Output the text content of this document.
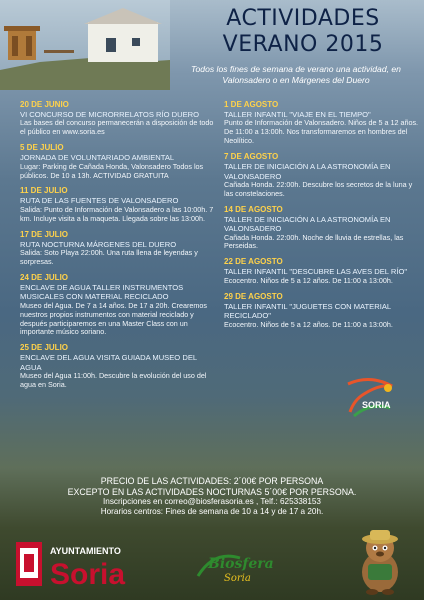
ACTIVIDADES
VERANO 2015
Todos los fines de semana de verano una actividad, en Valonsadero o en Márgenes del Duero
20 DE JUNIO
VI CONCURSO DE MICRORRELATOS RÍO DUERO
Las bases del concurso permanecerán a disposición de todo el público en www.soria.es
5 DE JULIO
JORNADA DE VOLUNTARIADO AMBIENTAL
Lugar: Parking de Cañada Honda, Valonsadero Todos los públicos. De 10 a 13h. ACTIVIDAD GRATUITA
11 DE JULIO
RUTA DE LAS FUENTES DE VALONSADERO
Salida: Punto de Información de Valonsadero a las 10:00h. 7 km. Incluye visita a la maqueta. Llegada sobre las 13:00h.
17 DE JULIO
RUTA NOCTURNA MÁRGENES DEL DUERO
Salida: Soto Playa 22:00h. Una ruta llena de leyendas y sorpresas.
24 DE JULIO
ENCLAVE DE AGUA TALLER INSTRUMENTOS MUSICALES CON MATERIAL RECICLADO
Museo del Agua. De 7 a 14 años. De 17 a 20h. Crearemos nuestros propios instrumentos con material reciclado y después participaremos en una Master Class con un importante músico soriano.
25 DE JULIO
ENCLAVE DEL AGUA VISITA GUIADA MUSEO DEL AGUA
Museo del Agua 11:00h. Descubre la evolución del uso del agua en Soria.
1 DE AGOSTO
TALLER INFANTIL "VIAJE EN EL TIEMPO"
Punto de Información de Valonsadero. Niños de 5 a 12 años. De 11:00 a 13:00h. Nos transformaremos en hombres del Neolítico.
7 DE AGOSTO
TALLER DE INICIACIÓN A LA ASTRONOMÍA EN VALONSADERO
Cañada Honda. 22:00h. Descubre los secretos de la luna y las constelaciones.
14 DE AGOSTO
TALLER DE INICIACIÓN A LA ASTRONOMÍA EN VALONSADERO
Cañada Honda. 22:00h. Noche de lluvia de estrellas, las Perseidas.
22 DE AGOSTO
TALLER INFANTIL "DESCUBRE LAS AVES DEL RÍO"
Ecocentro. Niños de 5 a 12 años. De 11:00 a 13:00h.
29 DE AGOSTO
TALLER INFANTIL "JUGUETES CON MATERIAL RECICLADO"
Ecocentro. Niños de 5 a 12 años. De 11:00 a 13:00h.
SORIA
PRECIO DE LAS ACTIVIDADES: 2´00€ POR PERSONA
EXCEPTO EN LAS ACTIVIDADES NOCTURNAS 5´00€ POR PERSONA.
Inscripciones en correo@biosferasoria.es , Telf.: 625338153
Horarios centros: Fines de semana de 10 a 14 y de 17 a 20h.
AYUNTAMIENTO
Soria	Biosfera
Soria
